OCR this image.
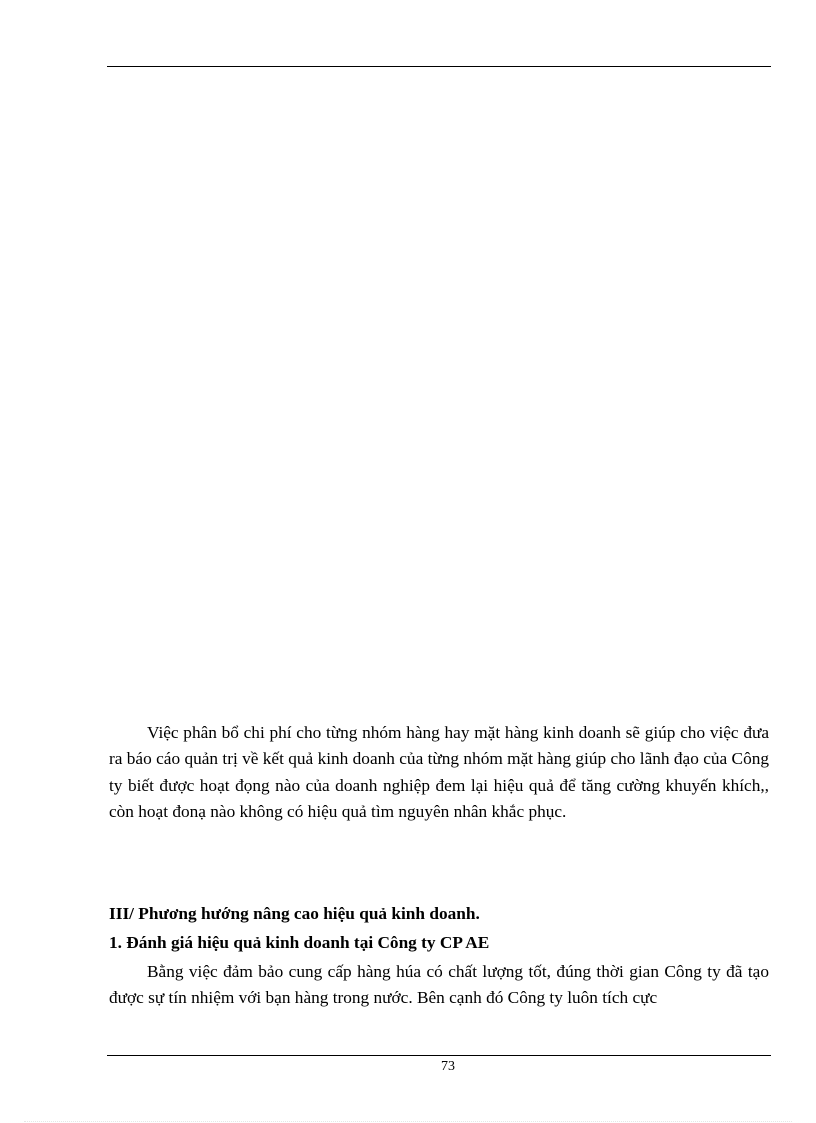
Việc phân bổ chi phí cho từng nhóm hàng hay mặt hàng kinh doanh sẽ giúp cho việc đưa ra báo cáo quản trị về kết quả kinh doanh của từng nhóm mặt hàng giúp cho lãnh đạo của Công ty biết được hoạt đọng nào của doanh nghiệp đem lại hiệu quả để tăng cường khuyến khích,, còn hoạt đonạ nào không có hiệu quả tìm nguyên nhân khắc phục.

III/ Phương hướng nâng cao hiệu quả kinh doanh.
1. Đánh giá hiệu quả kinh doanh tại Công ty CP AE

Bằng việc đảm bảo cung cấp hàng húa có chất lượng tốt, đúng thời gian Công ty đã tạo được sự tín nhiệm với bạn hàng trong nước. Bên cạnh đó Công ty luôn tích cực

73
